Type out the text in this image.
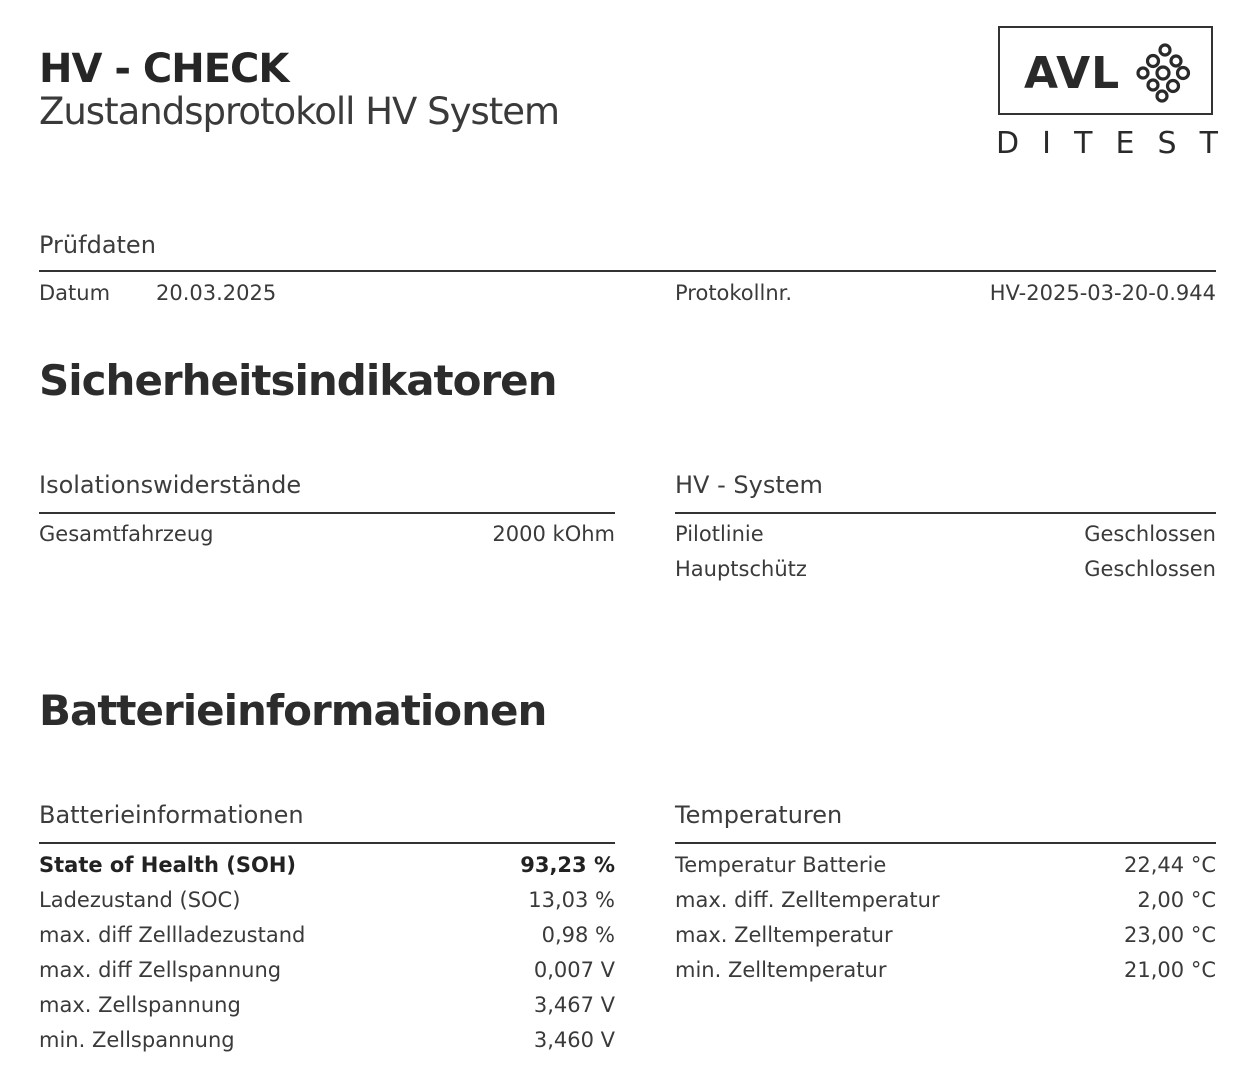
HV - CHECK
Zustandsprotokoll HV System
AVL
D I T E S T
Prüfdaten
Datum 20.03.2025	Protokollnr.	HV-2025-03-20-0.944
Sicherheitsindikatoren
Isolationswiderstände
Gesamtfahrzeug	2000 kOhm
HV - System
Pilotlinie	Geschlossen
Hauptschütz	Geschlossen
Batterieinformationen
Batterieinformationen
State of Health (SOH)	93,23 %
Ladezustand (SOC)	13,03 %
max. diff Zellladezustand	0,98 %
max. diff Zellspannung	0,007 V
max. Zellspannung	3,467 V
min. Zellspannung	3,460 V
Temperaturen
Temperatur Batterie	22,44 °C
max. diff. Zelltemperatur	2,00 °C
max. Zelltemperatur	23,00 °C
min. Zelltemperatur	21,00 °C
